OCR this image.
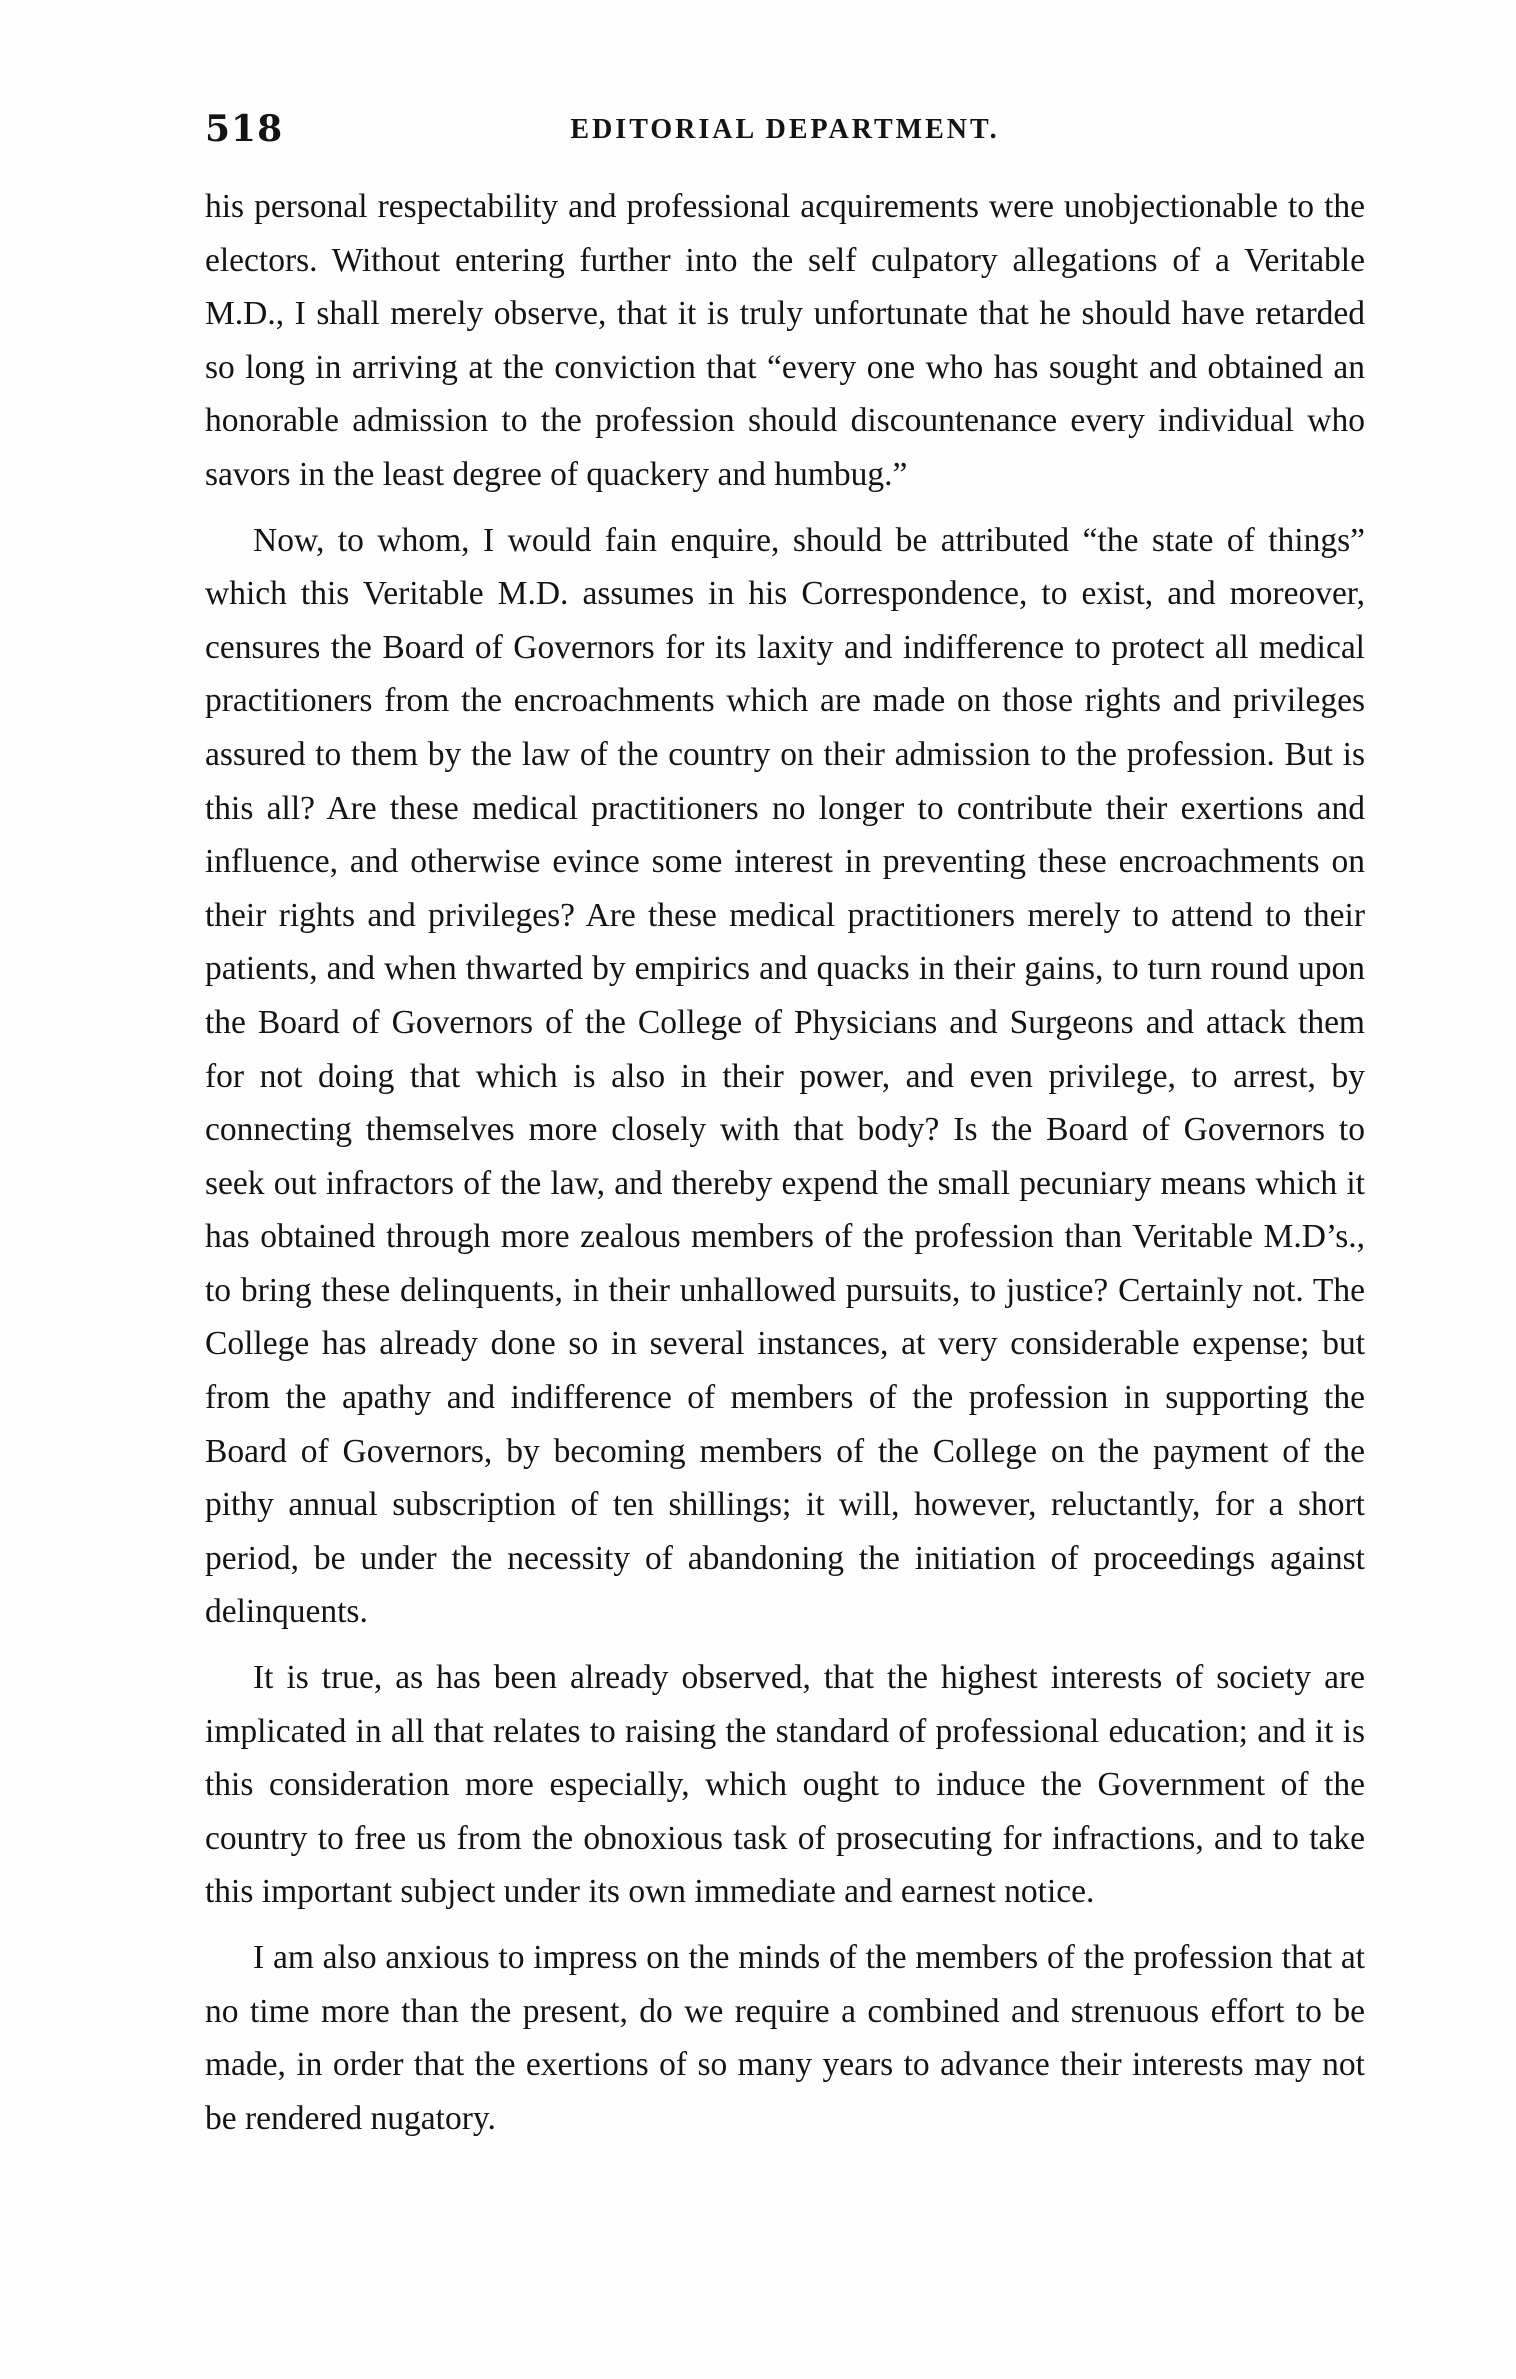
518	EDITORIAL DEPARTMENT.

his personal respectability and professional acquirements were unobjectionable to the electors. Without entering further into the self culpatory allegations of a Veritable M.D., I shall merely observe, that it is truly unfortunate that he should have retarded so long in arriving at the conviction that “every one who has sought and obtained an honorable admission to the profession should discountenance every individual who savors in the least degree of quackery and humbug.”

Now, to whom, I would fain enquire, should be attributed “the state of things” which this Veritable M.D. assumes in his Correspondence, to exist, and moreover, censures the Board of Governors for its laxity and indifference to protect all medical practitioners from the encroachments which are made on those rights and privileges assured to them by the law of the country on their admission to the profession. But is this all? Are these medical practitioners no longer to contribute their exertions and influence, and otherwise evince some interest in preventing these encroachments on their rights and privileges? Are these medical practitioners merely to attend to their patients, and when thwarted by empirics and quacks in their gains, to turn round upon the Board of Governors of the College of Physicians and Surgeons and attack them for not doing that which is also in their power, and even privilege, to arrest, by connecting themselves more closely with that body? Is the Board of Governors to seek out infractors of the law, and thereby expend the small pecuniary means which it has obtained through more zealous members of the profession than Veritable M.D’s., to bring these delinquents, in their unhallowed pursuits, to justice? Certainly not. The College has already done so in several instances, at very considerable expense; but from the apathy and indifference of members of the profession in supporting the Board of Governors, by becoming members of the College on the payment of the pithy annual subscription of ten shillings; it will, however, reluctantly, for a short period, be under the necessity of abandoning the initiation of proceedings against delinquents.

It is true, as has been already observed, that the highest interests of society are implicated in all that relates to raising the standard of professional education; and it is this consideration more especially, which ought to induce the Government of the country to free us from the obnoxious task of prosecuting for infractions, and to take this important subject under its own immediate and earnest notice.

I am also anxious to impress on the minds of the members of the profession that at no time more than the present, do we require a combined and strenuous effort to be made, in order that the exertions of so many years to advance their interests may not be rendered nugatory.
